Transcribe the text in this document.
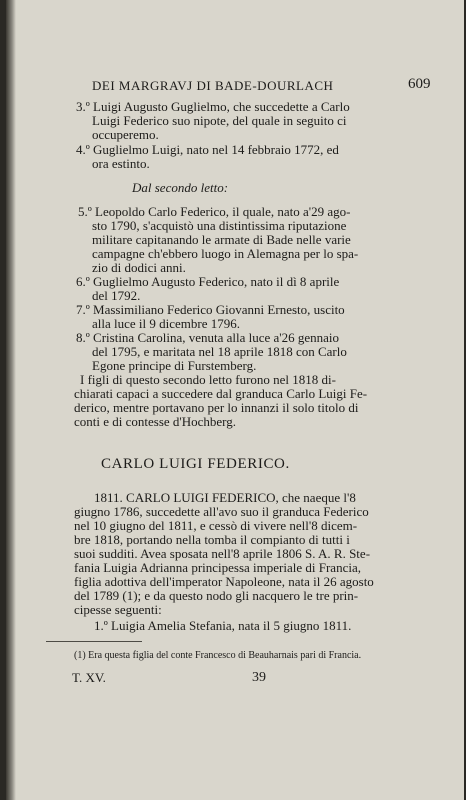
DEI MARGRAVJ DI BADE-DOURLACH	609
3.º Luigi Augusto Guglielmo, che succedette a Carlo
Luigi Federico suo nipote, del quale in seguito ci
occuperemo.
4.º Guglielmo Luigi, nato nel 14 febbraio 1772, ed
ora estinto.
Dal secondo letto:
5.º Leopoldo Carlo Federico, il quale, nato a'29 ago-
sto 1790, s'acquistò una distintissima riputazione
militare capitanando le armate di Bade nelle varie
campagne ch'ebbero luogo in Alemagna per lo spa-
zio di dodici anni.
6.º Guglielmo Augusto Federico, nato il dì 8 aprile
del 1792.
7.º Massimiliano Federico Giovanni Ernesto, uscito
alla luce il 9 dicembre 1796.
8.º Cristina Carolina, venuta alla luce a'26 gennaio
del 1795, e maritata nel 18 aprile 1818 con Carlo
Egone principe di Furstemberg.
I figli di questo secondo letto furono nel 1818 di-
chiarati capaci a succedere dal granduca Carlo Luigi Fe-
derico, mentre portavano per lo innanzi il solo titolo di
conti e di contesse d'Hochberg.
CARLO LUIGI FEDERICO.
1811. CARLO LUIGI FEDERICO, che naeque l'8
giugno 1786, succedette all'avo suo il granduca Federico
nel 10 giugno del 1811, e cessò di vivere nell'8 dicem-
bre 1818, portando nella tomba il compianto di tutti i
suoi sudditi. Avea sposata nell'8 aprile 1806 S. A. R. Ste-
fania Luigia Adrianna principessa imperiale di Francia,
figlia adottiva dell'imperator Napoleone, nata il 26 agosto
del 1789 (1); e da questo nodo gli nacquero le tre prin-
cipesse seguenti:
1.º Luigia Amelia Stefania, nata il 5 giugno 1811.
(1) Era questa figlia del conte Francesco di Beauharnais pari di Francia.
T. XV.	39
